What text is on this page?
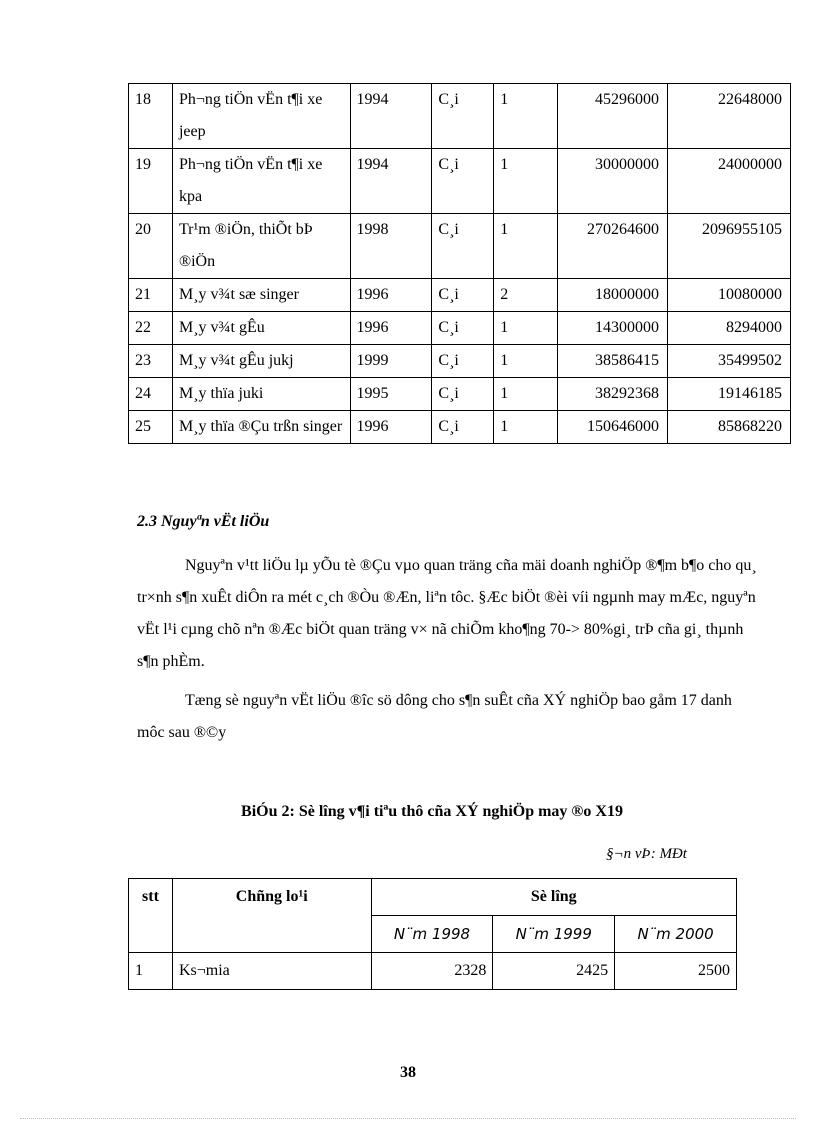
18	Ph¬ng tiÖn vËn t¶i xe jeep	1994	C¸i	1	45296000	22648000
19	Ph¬ng tiÖn vËn t¶i xe kpa	1994	C¸i	1	30000000	24000000
20	Tr¹m ®iÖn, thiÕt bÞ ®iÖn	1998	C¸i	1	270264600	2096955105
21	M¸y v¾t sæ singer	1996	C¸i	2	18000000	10080000
22	M¸y v¾t gÊu	1996	C¸i	1	14300000	8294000
23	M¸y v¾t gÊu jukj	1999	C¸i	1	38586415	35499502
24	M¸y thïa juki	1995	C¸i	1	38292368	19146185
25	M¸y thïa ®Çu trßn singer	1996	C¸i	1	150646000	85868220
2.3 Nguyªn vËt liÖu
Nguyªn v¹tt liÖu lµ yÕu tè ®Çu vµo quan träng cña mäi doanh nghiÖp ®¶m b¶o cho qu¸ tr×nh s¶n xuÊt diÔn ra mét c¸ch ®Òu ®Æn, liªn tôc. §Æc biÖt ®èi víi ngµnh may mÆc, nguyªn vËt l¹i cµng chõ nªn ®Æc biÖt quan träng v× nã chiÕm kho¶ng 70-> 80%gi¸ trÞ cña gi¸ thµnh s¶n phÈm.
Tæng sè nguyªn vËt liÖu ®îc sö dông cho s¶n suÊt cña XÝ nghiÖp bao gåm 17 danh môc sau ®©y
BiÓu 2: Sè lîng v¶i tiªu thô cña XÝ nghiÖp may ®o X19
§¬n vÞ: MÐt
stt	Chñng lo¹i	Sè lîng		
		N¨m 1998	N¨m 1999	N¨m 2000
1	Ks¬mia	2328	2425	2500
38
